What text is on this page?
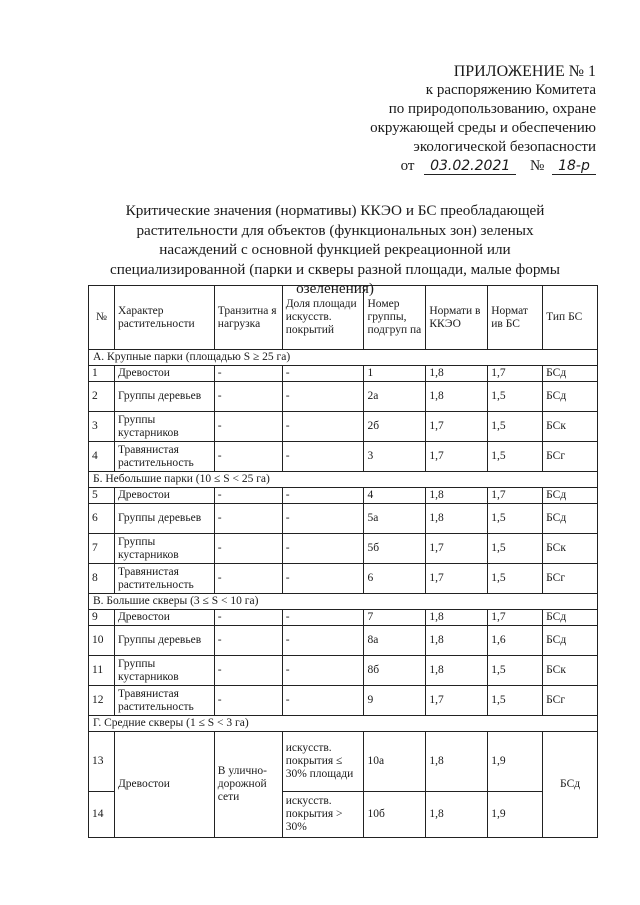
ПРИЛОЖЕНИЕ № 1
к распоряжению Комитета
по природопользованию, охране
окружающей среды и обеспечению
экологической безопасности
от 03.02.2021 № 18-р
Критические значения (нормативы) ККЭО и БС преобладающей растительности для объектов (функциональных зон) зеленых насаждений с основной функцией рекреационной или специализированной (парки и скверы разной площади, малые формы озеленения)
№	Характер растительности	Транзитна я нагрузка	Доля площади искусств. покрытий	Номер группы, подгруп па	Нормати в ККЭО	Нормат ив БС	Тип БС
А. Крупные парки (площадью S ≥ 25 га)							
1	Древостои	-	-	1	1,8	1,7	БСд
2	Группы деревьев	-	-	2а	1,8	1,5	БСд
3	Группы кустарников	-	-	2б	1,7	1,5	БСк
4	Травянистая растительность	-	-	3	1,7	1,5	БСг
Б. Небольшие парки (10 ≤ S < 25 га)							
5	Древостои	-	-	4	1,8	1,7	БСд
6	Группы деревьев	-	-	5а	1,8	1,5	БСд
7	Группы кустарников	-	-	5б	1,7	1,5	БСк
8	Травянистая растительность	-	-	6	1,7	1,5	БСг
В. Большие скверы (3 ≤ S < 10 га)							
9	Древостои	-	-	7	1,8	1,7	БСд
10	Группы деревьев	-	-	8а	1,8	1,6	БСд
11	Группы кустарников	-	-	8б	1,8	1,5	БСк
12	Травянистая растительность	-	-	9	1,7	1,5	БСг
Г. Средние скверы (1 ≤ S < 3 га)							
13	Древостои	В улично-дорожной сети	искусств. покрытия ≤ 30% площади	10а	1,8	1,9	БСд
14			искусств. покрытия > 30%	10б	1,8	1,9	
